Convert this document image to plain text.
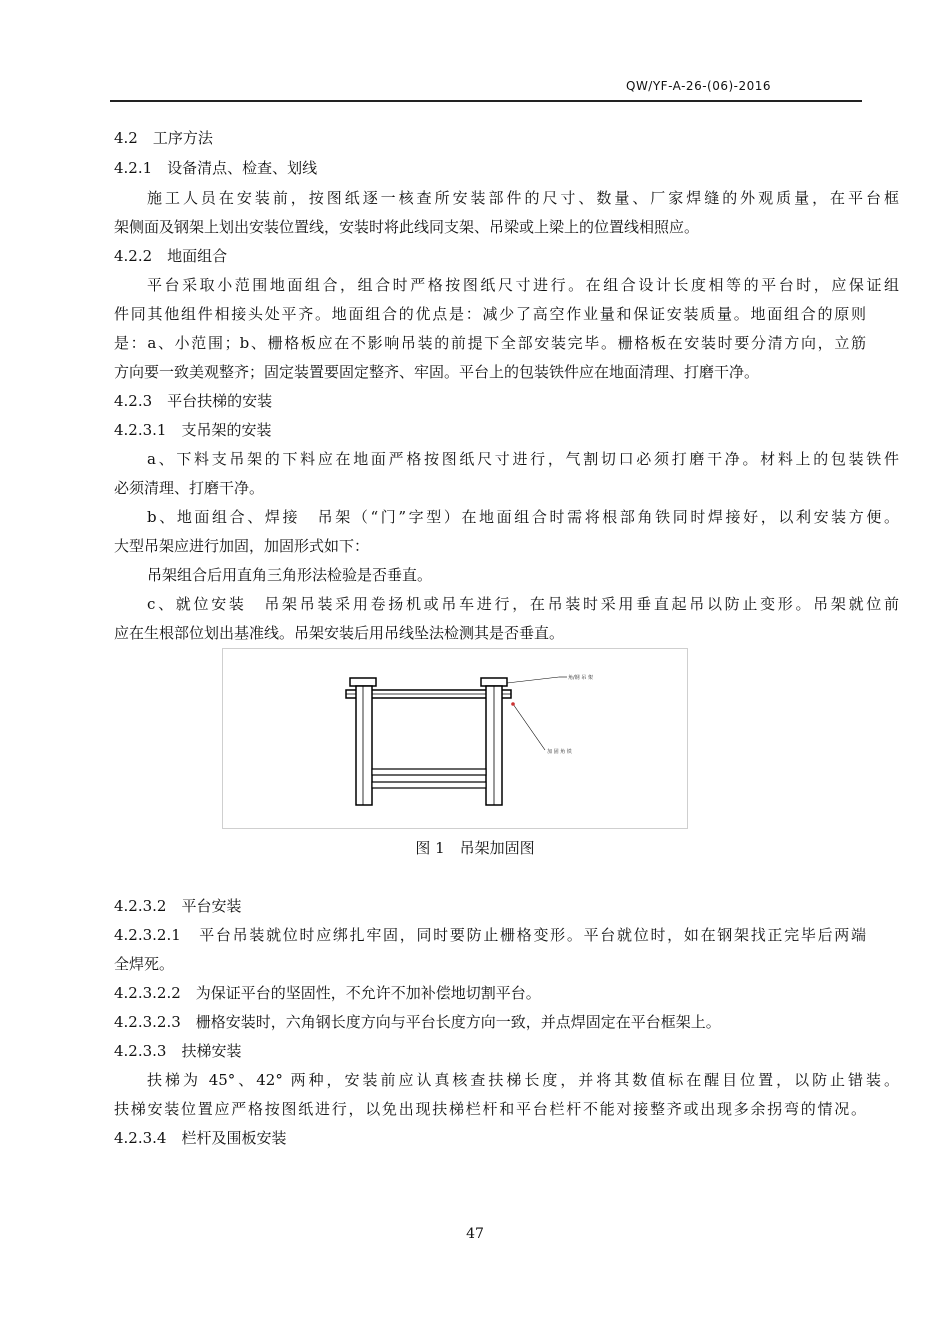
QW/YF-A-26-(06)-2016
4.2　工序方法
4.2.1　设备清点、检查、划线
施工人员在安装前，按图纸逐一核查所安装部件的尺寸、数量、厂家焊缝的外观质量，在平台框
架侧面及钢架上划出安装位置线，安装时将此线同支架、吊梁或上梁上的位置线相照应。
4.2.2　地面组合
平台采取小范围地面组合，组合时严格按图纸尺寸进行。在组合设计长度相等的平台时，应保证组
件同其他组件相接头处平齐。地面组合的优点是：减少了高空作业量和保证安装质量。地面组合的原则
是：a、小范围；b、栅格板应在不影响吊装的前提下全部安装完毕。栅格板在安装时要分清方向，立筋
方向要一致美观整齐；固定装置要固定整齐、牢固。平台上的包装铁件应在地面清理、打磨干净。
4.2.3　平台扶梯的安装
4.2.3.1　支吊架的安装
a、下料支吊架的下料应在地面严格按图纸尺寸进行，气割切口必须打磨干净。材料上的包装铁件
必须清理、打磨干净。
b、地面组合、焊接　吊架（“门”字型）在地面组合时需将根部角铁同时焊接好，以利安装方便。
大型吊架应进行加固，加固形式如下：
吊架组合后用直角三角形法检验是否垂直。
c、就位安装　吊架吊装采用卷扬机或吊车进行，在吊装时采用垂直起吊以防止变形。吊架就位前
应在生根部位划出基准线。吊架安装后用吊线坠法检测其是否垂直。
角/钢 吊 架
加 固 角 铁
图 1　吊架加固图
4.2.3.2　平台安装
4.2.3.2.1　平台吊装就位时应绑扎牢固，同时要防止栅格变形。平台就位时，如在钢架找正完毕后两端
全焊死。
4.2.3.2.2　为保证平台的坚固性，不允许不加补偿地切割平台。
4.2.3.2.3　栅格安装时，六角钢长度方向与平台长度方向一致，并点焊固定在平台框架上。
4.2.3.3　扶梯安装
扶梯为 45°、42° 两种，安装前应认真核查扶梯长度，并将其数值标在醒目位置，以防止错装。
扶梯安装位置应严格按图纸进行，以免出现扶梯栏杆和平台栏杆不能对接整齐或出现多余拐弯的情况。
4.2.3.4　栏杆及围板安装
47
